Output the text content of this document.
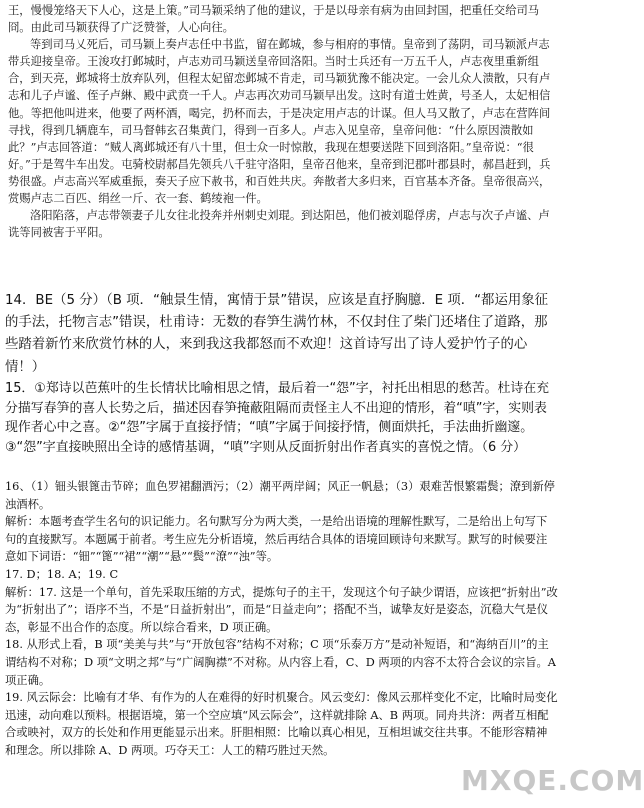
王，慢慢笼络天下人心，这是上策。”司马颖采纳了他的建议，于是以母亲有病为由回封国，把重任交给司马冏。由此司马颖获得了广泛赞誉，人心向往。

等到司马乂死后，司马颖上奏卢志任中书监，留在邺城，参与相府的事情。皇帝到了荡阴，司马颖派卢志带兵迎接皇帝。王浚攻打邺城时，卢志劝司马颖送皇帝回洛阳。当时士兵还有一万五千人，卢志夜里重新组合，到天亮，邺城将士放弃队列，但程太妃留恋邺城不肯走，司马颖犹豫不能决定。一会儿众人溃散，只有卢志和儿子卢谧、侄子卢綝、殿中武贲一千人。卢志再次劝司马颖早出发。这时有道士姓黄，号圣人，太妃相信他。等把他叫进来，他要了两杯酒，喝完，扔杯而去，于是决定用卢志的计谋。但人马又散了，卢志在营阵间寻找，得到几辆鹿车，司马督韩玄召集黄门，得到一百多人。卢志入见皇帝，皇帝问他：“什么原因溃散如此？”卢志回答道：“贼人离邺城还有八十里，但士众一时惊散，我现在想要送陛下回到洛阳。”皇帝说：“很好。”于是驾牛车出发。屯骑校尉郝昌先领兵八千驻守洛阳，皇帝召他来，皇帝到汜郡叶郡县时，郝昌赶到，兵势很盛。卢志高兴军威重振，奏天子应下赦书，和百姓共庆。奔散者大多归来，百官基本齐备。皇帝很高兴，赏赐卢志二百匹、绢丝一斤、衣一套、鹤绫袍一件。

洛阳陷落，卢志带领妻子儿女往北投奔并州刺史刘琨。到达阳邑，他们被刘聪俘虏，卢志与次子卢谧、卢诜等同被害于平阳。

14．BE（5 分）（B 项．“触景生情，寓情于景”错误，应该是直抒胸臆．E 项．“都运用象征的手法，托物言志”错误，杜甫诗：无数的春笋生满竹林，不仅封住了柴门还堵住了道路，那些踏着新竹来欣赏竹林的人，来到我这我都怒而不欢迎！这首诗写出了诗人爱护竹子的心情！）

15．①郑诗以芭蕉叶的生长情状比喻相思之情，最后着一“怨”字，衬托出相思的愁苦。杜诗在充分描写春笋的喜人长势之后，描述因春笋掩蔽阻隔而责怪主人不出迎的情形，着“嗔”字，实则表现作者心中之喜。②“怨”字属于直接抒情；“嗔”字属于间接抒情，侧面烘托，手法曲折幽邃。③“怨”字直接映照出全诗的感情基调，“嗔”字则从反面折射出作者真实的喜悦之情。（6 分）

16、（1）钿头银篦击节碎；血色罗裙翻酒污；（2）潮平两岸阔；风正一帆悬；（3）艰难苦恨繁霜鬓；潦到新停浊酒杯。

解析：本题考查学生名句的识记能力。名句默写分为两大类，一是给出语境的理解性默写，二是给出上句写下句的直接默写。本题属于前者。考生应先分析语境，然后再结合具体的语境回顾诗句来默写。默写的时候要注意如下词语：“钿”“篦”“裙”“潮”“悬”“鬓”“潦”“浊”等。

17. D；18. A；19. C

解析：17. 这是一个单句，首先采取压缩的方式，提炼句子的主干，发现这个句子缺少谓语，应该把“折射出”改为“折射出了”；语序不当，不是“日益折射出”，而是“日益走向”；搭配不当，诚挚友好是姿态，沉稳大气是仪态，彰显不出合作的态度。所以综合看来，D 项正确。

18. 从形式上看，B 项“美美与共”与“开放包容”结构不对称；C 项“乐泰万方”是动补短语，和“海纳百川”的主谓结构不对称；D 项“文明之邦”与“广阔胸襟”不对称。从内容上看，C、D 两项的内容不太符合会议的宗旨。A 项正确。

19. 风云际会：比喻有才华、有作为的人在难得的好时机聚合。风云变幻：像风云那样变化不定，比喻时局变化迅速，动向难以预料。根据语境，第一个空应填“风云际会”，这样就排除 A、B 两项。同舟共济：两者互相配合或映衬，双方的长处和作用更能显示出来。肝胆相照：比喻以真心相见，互相坦诚交往共事。不能形容精神和理念。所以排除 A、D 两项。巧夺天工：人工的精巧胜过天然。

MXQE.COM
